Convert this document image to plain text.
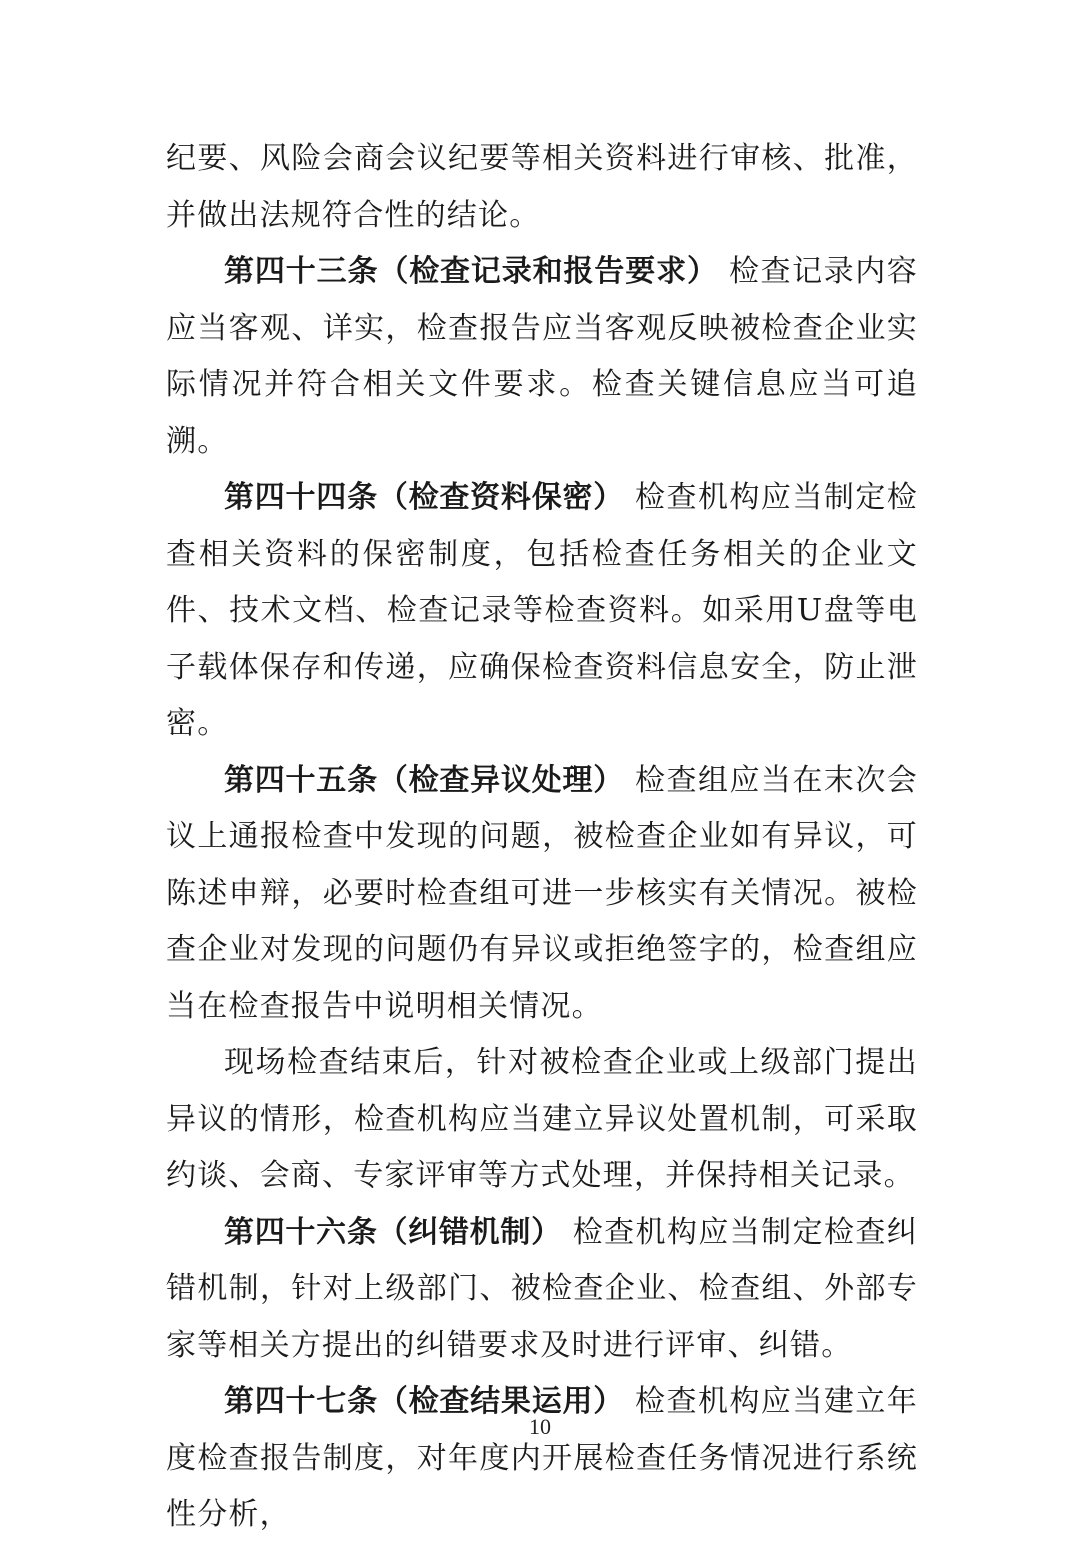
纪要、风险会商会议纪要等相关资料进行审核、批准，并做出法规符合性的结论。

第四十三条（检查记录和报告要求） 检查记录内容应当客观、详实，检查报告应当客观反映被检查企业实际情况并符合相关文件要求。检查关键信息应当可追溯。

第四十四条（检查资料保密） 检查机构应当制定检查相关资料的保密制度，包括检查任务相关的企业文件、技术文档、检查记录等检查资料。如采用U盘等电子载体保存和传递，应确保检查资料信息安全，防止泄密。

第四十五条（检查异议处理） 检查组应当在末次会议上通报检查中发现的问题，被检查企业如有异议，可陈述申辩，必要时检查组可进一步核实有关情况。被检查企业对发现的问题仍有异议或拒绝签字的，检查组应当在检查报告中说明相关情况。

现场检查结束后，针对被检查企业或上级部门提出异议的情形，检查机构应当建立异议处置机制，可采取约谈、会商、专家评审等方式处理，并保持相关记录。

第四十六条（纠错机制） 检查机构应当制定检查纠错机制，针对上级部门、被检查企业、检查组、外部专家等相关方提出的纠错要求及时进行评审、纠错。

第四十七条（检查结果运用） 检查机构应当建立年度检查报告制度，对年度内开展检查任务情况进行系统性分析，

10
